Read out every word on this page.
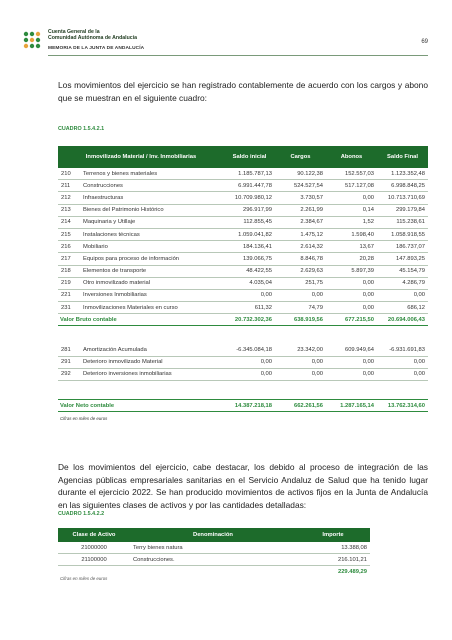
Cuenta General de la
Comunidad Autónoma de Andalucía
69
MEMORIA DE LA JUNTA DE ANDALUCÍA
Los movimientos del ejercicio se han registrado contablemente de acuerdo con los cargos y abono que se muestran en el siguiente cuadro:
CUADRO 1.5.4.2.1
Inmovilizado Material / Inv. Inmobiliarias		Saldo inicial	Cargos	Abonos	Saldo Final
210	Terrenos y bienes materiales	1.185.787,13	90.122,38	152.557,03	1.123.352,48
211	Construcciones	6.991.447,78	524.527,54	517.127,08	6.998.848,25
212	Infraestructuras	10.709.980,12	3.730,57	0,00	10.713.710,69
213	Bienes del Patrimonio Histórico	296.917,99	2.261,99	0,14	299.179,84
214	Maquinaria y Utillaje	112.855,45	2.384,67	1,52	115.238,61
215	Instalaciones técnicas	1.059.041,82	1.475,12	1.598,40	1.058.918,55
216	Mobiliario	184.136,41	2.614,32	13,67	186.737,07
217	Equipos para proceso de información	139.066,75	8.846,78	20,28	147.893,25
218	Elementos de transporte	48.422,55	2.629,63	5.897,39	45.154,79
219	Otro inmovilizado material	4.035,04	251,75	0,00	4.286,79
221	Inversiones Inmobiliarias	0,00	0,00	0,00	0,00
231	Inmovilizaciones Materiales en curso	611,32	74,79	0,00	686,12
Valor Bruto contable		20.732.302,36	638.919,56	677.215,50	20.694.006,43

281	Amortización Acumulada	-6.345.084,18	23.342,00	609.949,64	-6.931.691,83
291	Deterioro inmovilizado Material	0,00	0,00	0,00	0,00
292	Deterioro inversiones inmobiliarias	0,00	0,00	0,00	0,00

Valor Neto contable		14.387.218,18	662.261,56	1.287.165,14	13.762.314,60
Cifras en miles de euros					
De los movimientos del ejercicio, cabe destacar, los debido al proceso de integración de las Agencias públicas empresariales sanitarias en el Servicio Andaluz de Salud que ha tenido lugar durante el ejercicio 2022. Se han producido movimientos de activos fijos en la Junta de Andalucía en las siguientes clases de activos y por las cantidades detalladas:
CUADRO 1.5.4.2.2
Clase de Activo	Denominación	Importe
21000000	Terry bienes natura	13.388,08
21100000	Construcciones.	216.101,21
		229.489,29
Cifras en miles de euros
